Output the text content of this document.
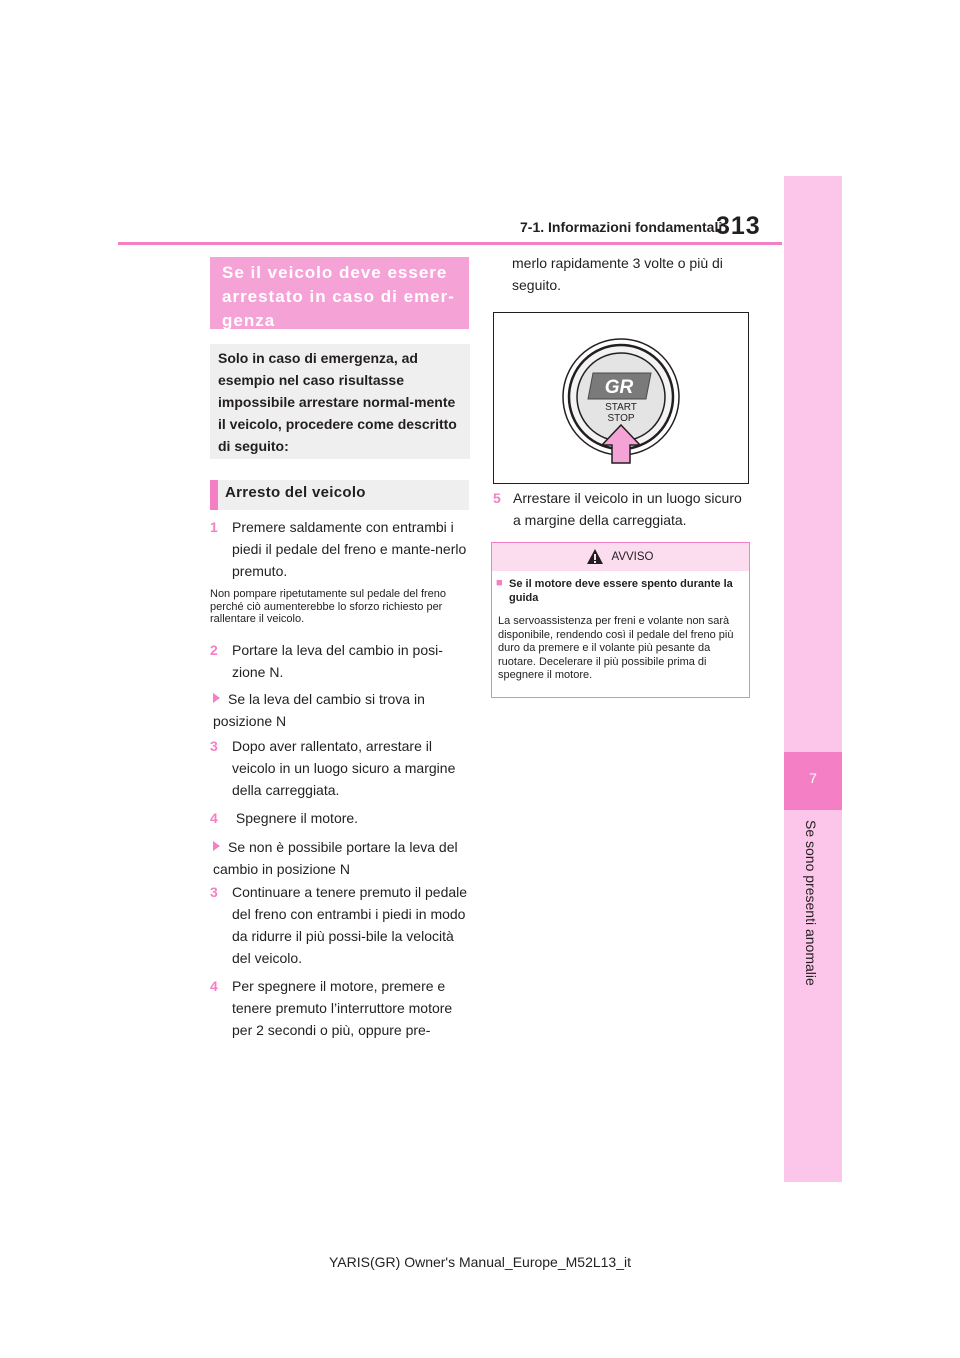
7-1. Informazioni fondamentali
313
7
Se sono presenti anomalie
Se il veicolo deve essere arrestato in caso di emer-genza
Solo in caso di emergenza, ad esempio nel caso risultasse impossibile arrestare normal-mente il veicolo, procedere come descritto di seguito:
Arresto del veicolo
1	Premere saldamente con entrambi i piedi il pedale del freno e mante-nerlo premuto.
Non pompare ripetutamente sul pedale del freno perché ciò aumenterebbe lo sforzo richiesto per rallentare il veicolo.
2	Portare la leva del cambio in posi-zione N.
Se la leva del cambio si trova in posizione N
3	Dopo aver rallentato, arrestare il veicolo in un luogo sicuro a margine della carreggiata.
4 Spegnere il motore.
Se non è possibile portare la leva del cambio in posizione N
3	Continuare a tenere premuto il pedale del freno con entrambi i piedi in modo da ridurre il più possi-bile la velocità del veicolo.
4	Per spegnere il motore, premere e tenere premuto l’interruttore motore per 2 secondi o più, oppure pre-
merlo rapidamente 3 volte o più di seguito.
GR
START
STOP
5 Arrestare il veicolo in un luogo sicuro a margine della carreggiata.
AVVISO
■ Se il motore deve essere spento durante la guida
La servoassistenza per freni e volante non sarà disponibile, rendendo così il pedale del freno più duro da premere e il volante più pesante da ruotare. Decelerare il più possibile prima di spegnere il motore.
YARIS(GR) Owner's Manual_Europe_M52L13_it
